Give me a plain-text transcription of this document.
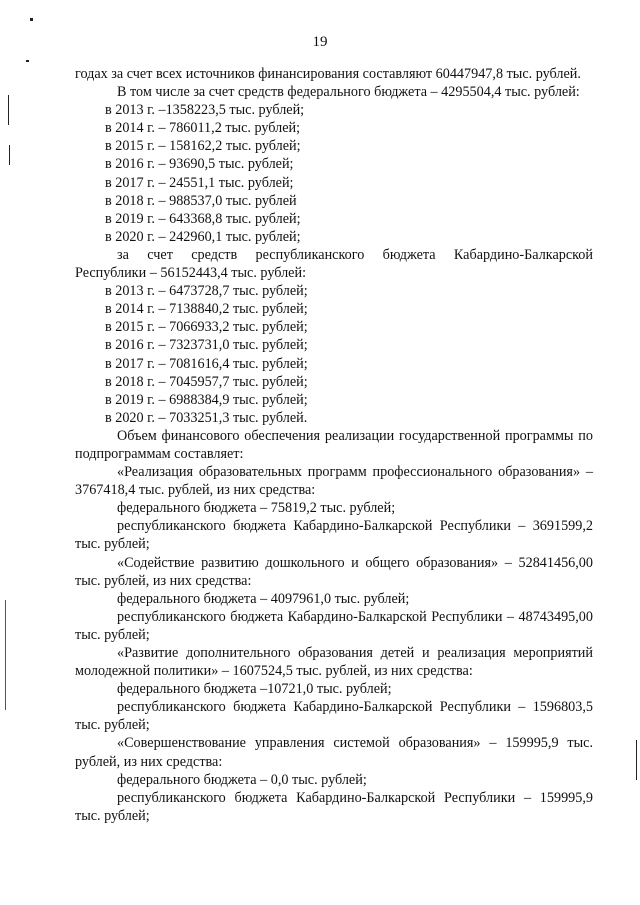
19

годах за счет всех источников финансирования составляют 60447947,8 тыс. рублей.

В том числе за счет средств федерального бюджета – 4295504,4 тыс. рублей:

в 2013 г. –1358223,5 тыс. рублей;

в 2014 г. – 786011,2 тыс. рублей;

в 2015 г. – 158162,2 тыс. рублей;

в 2016 г. – 93690,5 тыс. рублей;

в 2017 г. – 24551,1 тыс. рублей;

в 2018 г. – 988537,0 тыс. рублей

в 2019 г. – 643368,8 тыс. рублей;

в 2020 г. – 242960,1 тыс. рублей;

за счет средств республиканского бюджета Кабардино-Балкарской Республики – 56152443,4 тыс. рублей:

в 2013 г. – 6473728,7 тыс. рублей;

в 2014 г. – 7138840,2 тыс. рублей;

в 2015 г. – 7066933,2 тыс. рублей;

в 2016 г. – 7323731,0 тыс. рублей;

в 2017 г. – 7081616,4 тыс. рублей;

в 2018 г. – 7045957,7 тыс. рублей;

в 2019 г. – 6988384,9 тыс. рублей;

в 2020 г. – 7033251,3 тыс. рублей.

Объем финансового обеспечения реализации государственной программы по подпрограммам составляет:

«Реализация образовательных программ профессионального образования» – 3767418,4 тыс. рублей, из них средства:

федерального бюджета – 75819,2 тыс. рублей;

республиканского бюджета Кабардино-Балкарской Республики – 3691599,2 тыс. рублей;

«Содействие развитию дошкольного и общего образования» – 52841456,00 тыс. рублей, из них средства:

федерального бюджета – 4097961,0 тыс. рублей;

республиканского бюджета Кабардино-Балкарской Республики – 48743495,00 тыс. рублей;

«Развитие дополнительного образования детей и реализация мероприятий молодежной политики» – 1607524,5 тыс. рублей, из них средства:

федерального бюджета –10721,0 тыс. рублей;

республиканского бюджета Кабардино-Балкарской Республики – 1596803,5 тыс. рублей;

«Совершенствование управления системой образования» – 159995,9 тыс. рублей, из них средства:

федерального бюджета – 0,0 тыс. рублей;

республиканского бюджета Кабардино-Балкарской Республики – 159995,9 тыс. рублей;
